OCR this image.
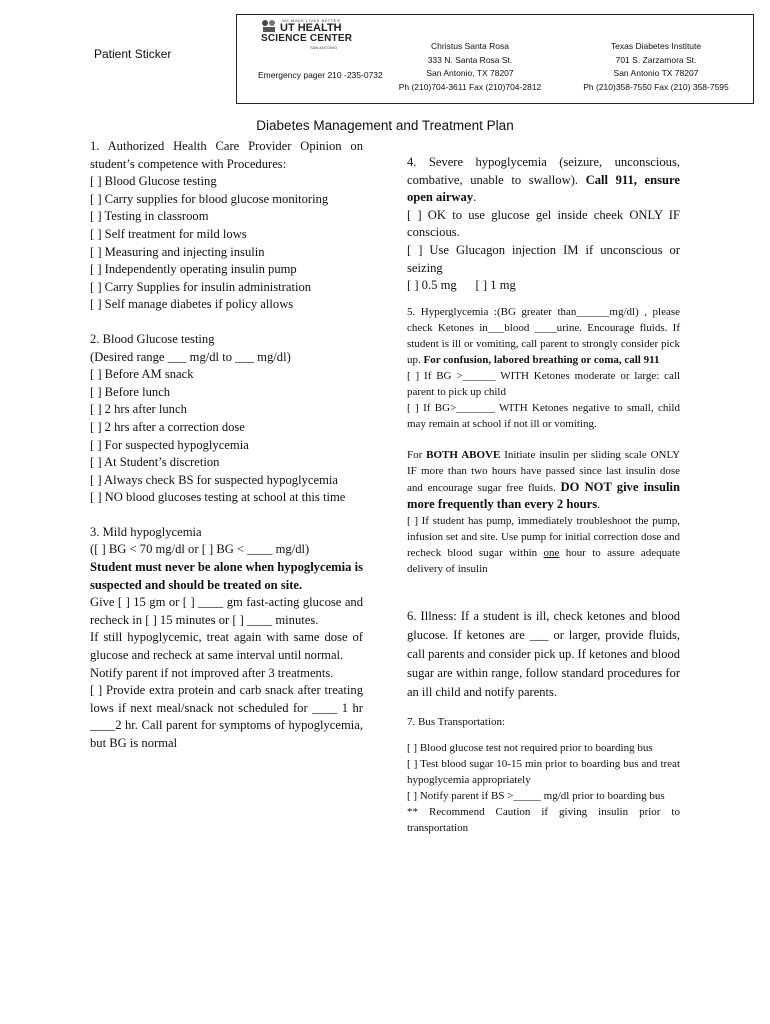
Patient Sticker
WE MAKE LIVES BETTER
UT HEALTH
SCIENCE CENTER
SAN ANTONIO
Emergency pager 210 -235-0732
Christus Santa Rosa
333 N. Santa Rosa St.
San Antonio, TX 78207
Ph (210)704-3611 Fax (210)704-2812
Texas Diabetes Institute
701 S. Zarzamora St.
San Antonio TX 78207
Ph (210)358-7550 Fax (210) 358-7595
Diabetes Management and Treatment Plan

1. Authorized Health Care Provider Opinion on student’s competence with Procedures:

[ ] Blood Glucose testing

[ ] Carry supplies for blood glucose monitoring

[ ] Testing in classroom

[ ] Self treatment for mild lows

[ ] Measuring and injecting insulin

[ ] Independently operating insulin pump

[ ] Carry Supplies for insulin administration

[ ] Self manage diabetes if policy allows

2. Blood Glucose testing

(Desired range ___ mg/dl to ___ mg/dl)

[ ] Before AM snack

[ ] Before lunch

[ ] 2 hrs after lunch

[ ] 2 hrs after a correction dose

[ ] For suspected hypoglycemia

[ ] At Student’s discretion

[ ] Always check BS for suspected hypoglycemia

[ ] NO blood glucoses testing at school at this time

3. Mild hypoglycemia

([ ] BG < 70 mg/dl or [ ] BG < ____ mg/dl)

Student must never be alone when hypoglycemia is suspected and should be treated on site.

Give [ ] 15 gm or [ ] ____ gm fast-acting glucose and recheck in [ ] 15 minutes or [ ] ____ minutes.

If still hypoglycemic, treat again with same dose of glucose and recheck at same interval until normal.

Notify parent if not improved after 3 treatments.

[ ] Provide extra protein and carb snack after treating lows if next meal/snack not scheduled for ____ 1 hr ____2 hr. Call parent for symptoms of hypoglycemia, but BG is normal

4. Severe hypoglycemia (seizure, unconscious, combative, unable to swallow). Call 911, ensure open airway.

[ ] OK to use glucose gel inside cheek ONLY IF conscious.

[ ] Use Glucagon injection IM if unconscious or seizing

[ ] 0.5 mg      [ ] 1 mg

5. Hyperglycemia :(BG greater than______mg/dl) , please check Ketones in___blood ____urine. Encourage fluids. If student is ill or vomiting, call parent to strongly consider pick up. For confusion, labored breathing or coma, call 911

[ ] If BG >______ WITH Ketones moderate or large: call parent to pick up child

[ ] If BG>_______ WITH Ketones negative to small, child may remain at school if not ill or vomiting.

For BOTH ABOVE Initiate insulin per sliding scale ONLY IF more than two hours have passed since last insulin dose and encourage sugar free fluids. DO NOT give insulin more frequently than every 2 hours.

[ ] If student has pump, immediately troubleshoot the pump, infusion set and site. Use pump for initial correction dose and recheck blood sugar within one hour to assure adequate delivery of insulin

6. Illness: If a student is ill, check ketones and blood glucose. If ketones are ___ or larger, provide fluids, call parents and consider pick up. If ketones and blood sugar are within range, follow standard procedures for an ill child and notify parents.

7. Bus Transportation:

[ ] Blood glucose test not required prior to boarding bus

[ ] Test blood sugar 10-15 min prior to boarding bus and treat hypoglycemia appropriately

[ ] Notify parent if BS >_____ mg/dl prior to boarding bus

** Recommend Caution if giving insulin prior to transportation
